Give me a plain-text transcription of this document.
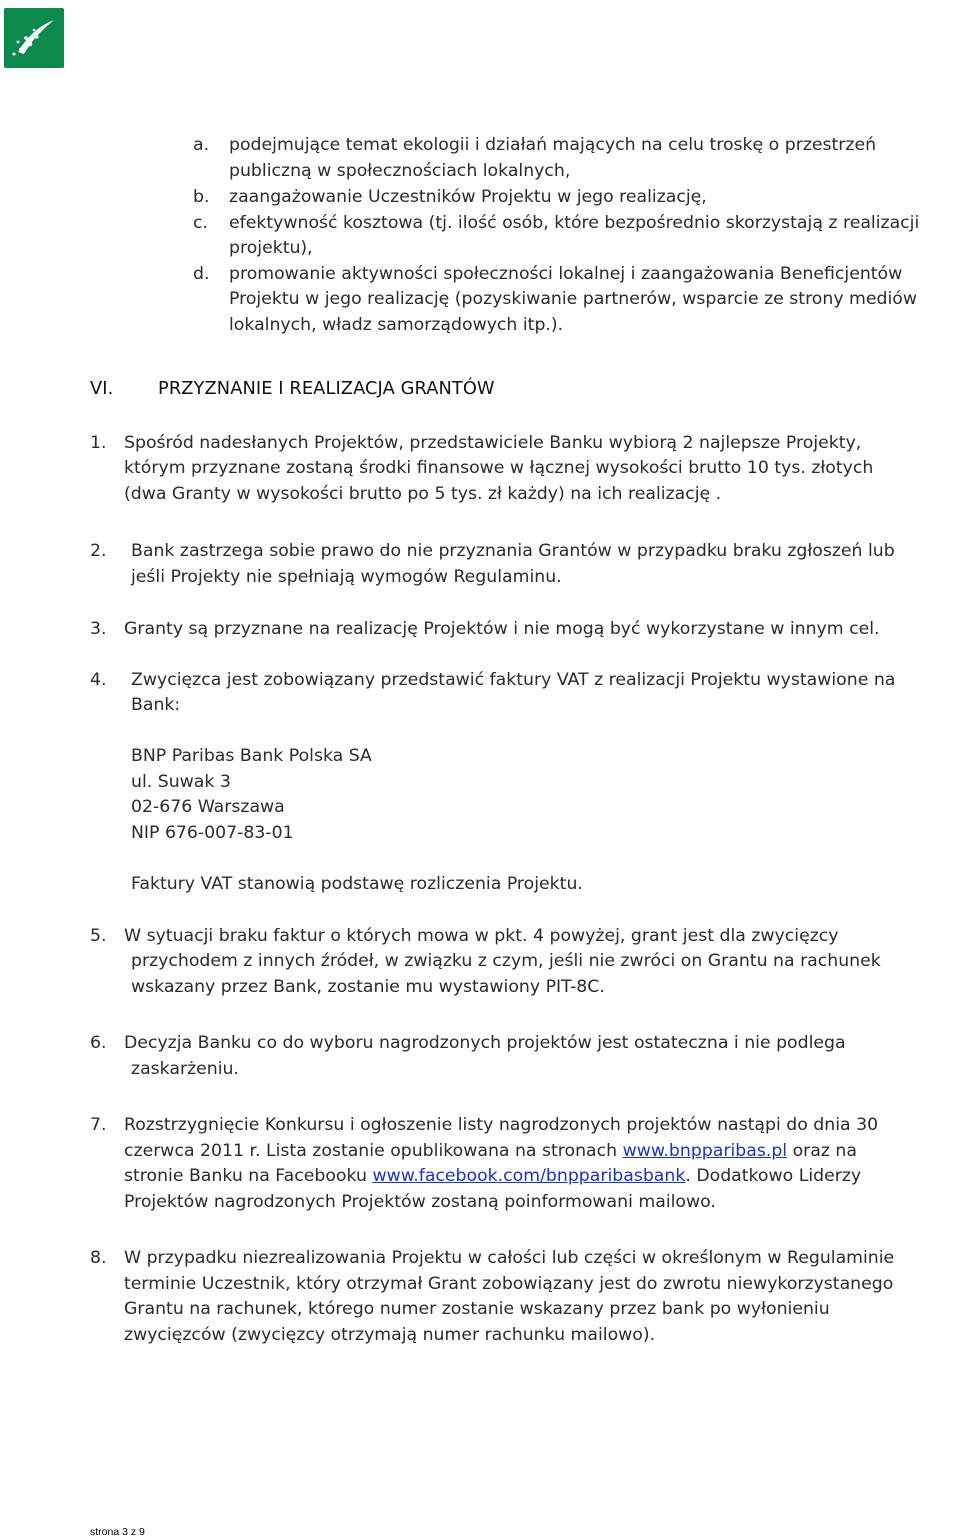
a. podejmujące temat ekologii i działań mających na celu troskę o przestrzeń

publiczną w społecznościach lokalnych,

b. zaangażowanie Uczestników Projektu w jego realizację,

c. efektywność kosztowa (tj. ilość osób, które bezpośrednio skorzystają z realizacji

projektu),

d. promowanie aktywności społeczności lokalnej i zaangażowania Beneficjentów

Projektu w jego realizację (pozyskiwanie partnerów, wsparcie ze strony mediów

lokalnych, władz samorządowych itp.).

VI.	PRZYZNANIE I REALIZACJA GRANTÓW
1. Spośród nadesłanych Projektów, przedstawiciele Banku wybiorą 2 najlepsze Projekty,

którym przyznane zostaną środki finansowe w łącznej wysokości brutto 10 tys. złotych

(dwa Granty w wysokości brutto po 5 tys. zł każdy) na ich realizację .

2. Bank zastrzega sobie prawo do nie przyznania Grantów w przypadku braku zgłoszeń lub

jeśli Projekty nie spełniają wymogów Regulaminu.

3. Granty są przyznane na realizację Projektów i nie mogą być wykorzystane w innym cel.

4. Zwycięzca jest zobowiązany przedstawić faktury VAT z realizacji Projektu wystawione na

Bank:

BNP Paribas Bank Polska SA

ul. Suwak 3

02-676 Warszawa

NIP 676-007-83-01

Faktury VAT stanowią podstawę rozliczenia Projektu.

5. W sytuacji braku faktur o których mowa w pkt. 4 powyżej, grant jest dla zwycięzcy

przychodem z innych źródeł, w związku z czym, jeśli nie zwróci on Grantu na rachunek

wskazany przez Bank, zostanie mu wystawiony PIT-8C.

6. Decyzja Banku co do wyboru nagrodzonych projektów jest ostateczna i nie podlega

zaskarżeniu.

7. Rozstrzygnięcie Konkursu i ogłoszenie listy nagrodzonych projektów nastąpi do dnia 30

czerwca 2011 r. Lista zostanie opublikowana na stronach www.bnpparibas.pl oraz na

stronie Banku na Facebooku www.facebook.com/bnpparibasbank. Dodatkowo Liderzy

Projektów nagrodzonych Projektów zostaną poinformowani mailowo.

8. W przypadku niezrealizowania Projektu w całości lub części w określonym w Regulaminie

terminie Uczestnik, który otrzymał Grant zobowiązany jest do zwrotu niewykorzystanego

Grantu na rachunek, którego numer zostanie wskazany przez bank po wyłonieniu

zwycięzców (zwycięzcy otrzymają numer rachunku mailowo).

strona 3 z 9
